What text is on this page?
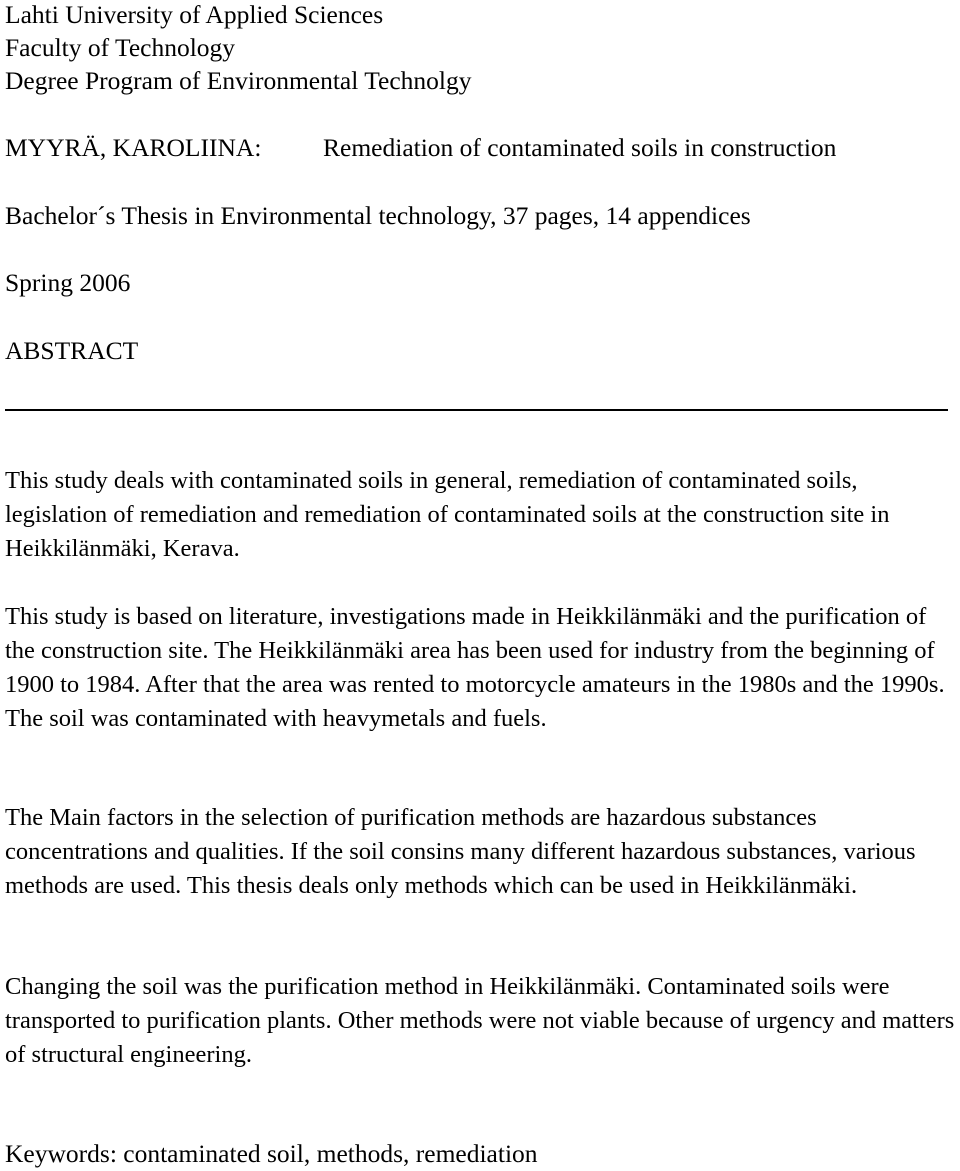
Lahti University of Applied Sciences
Faculty of Technology
Degree Program of Environmental Technolgy
MYYRÄ, KAROLIINA: Remediation of contaminated soils in construction
Bachelor´s Thesis in Environmental technology, 37 pages, 14 appendices
Spring 2006
ABSTRACT

This study deals with contaminated soils in general, remediation of contaminated soils, legislation of remediation and remediation of contaminated soils at the construction site in Heikkilänmäki, Kerava.

This study is based on literature, investigations made in Heikkilänmäki and the purification of the construction site. The Heikkilänmäki area has been used for industry from the beginning of 1900 to 1984. After that the area was rented to motorcycle amateurs in the 1980s and the 1990s. The soil was contaminated with heavymetals and fuels.

The Main factors in the selection of purification methods are hazardous substances concentrations and qualities. If the soil consins many different hazardous substances, various methods are used. This thesis deals only methods which can be used in Heikkilänmäki.

Changing the soil was the purification method in Heikkilänmäki. Contaminated soils were transported to purification plants. Other methods were not viable because of urgency and matters of structural engineering.

Keywords: contaminated soil, methods, remediation
